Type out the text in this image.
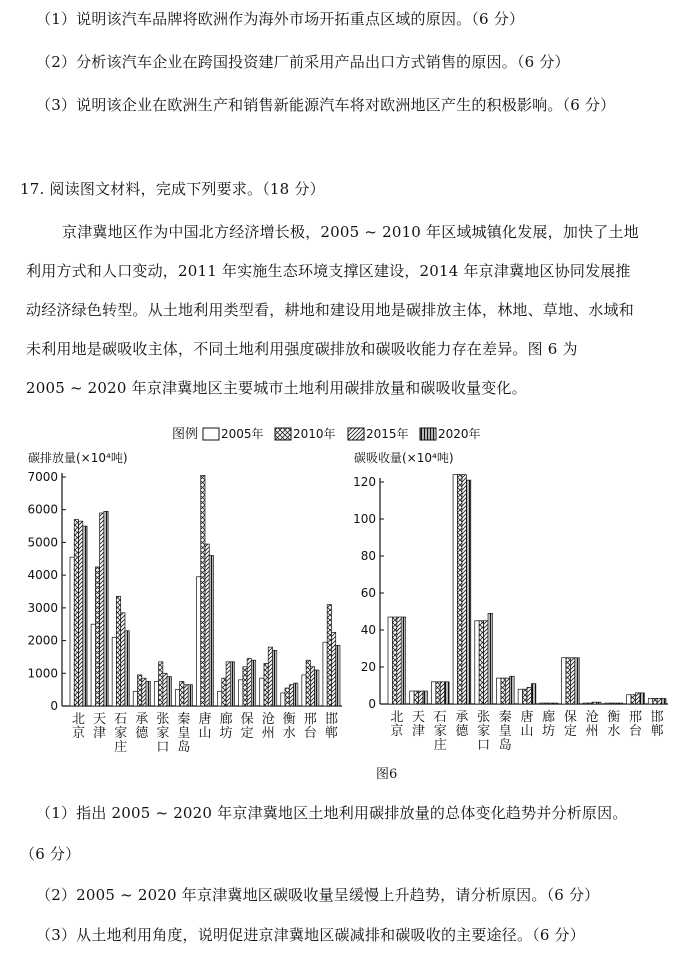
（1）说明该汽车品牌将欧洲作为海外市场开拓重点区域的原因。（6 分）
（2）分析该汽车企业在跨国投资建厂前采用产品出口方式销售的原因。（6 分）
（3）说明该企业在欧洲生产和销售新能源汽车将对欧洲地区产生的积极影响。（6 分）
17. 阅读图文材料，完成下列要求。（18 分）
京津冀地区作为中国北方经济增长极，2005 ~ 2010 年区域城镇化发展，加快了土地
利用方式和人口变动，2011 年实施生态环境支撑区建设，2014 年京津冀地区协同发展推
动经济绿色转型。从土地利用类型看，耕地和建设用地是碳排放主体，林地、草地、水域和
未利用地是碳吸收主体，不同土地利用强度碳排放和碳吸收能力存在差异。图 6 为
2005 ~ 2020 年京津冀地区主要城市土地利用碳排放量和碳吸收量变化。
图例 2005年 2010年	2015年 2020年
碳排放量(×10⁴吨)	碳吸收量(×10⁴吨)
0
1000
2000
3000
4000
5000
6000
7000
北
京
天
津
石
家
庄
承
德
张
家
口
秦
皇
岛
唐
山
廊
坊
保
定
沧
州
衡
水
邢
台
邯
郸
0
20
40
60
80
100
120
北
京
天
津
石
家
庄
承
德
张
家
口
秦
皇
岛
唐
山
廊
坊
保
定
沧
州
衡
水
邢
台
邯
郸
图6
（1）指出 2005 ~ 2020 年京津冀地区土地利用碳排放量的总体变化趋势并分析原因。
（6 分）
（2）2005 ~ 2020 年京津冀地区碳吸收量呈缓慢上升趋势，请分析原因。（6 分）
（3）从土地利用角度，说明促进京津冀地区碳减排和碳吸收的主要途径。（6 分）
